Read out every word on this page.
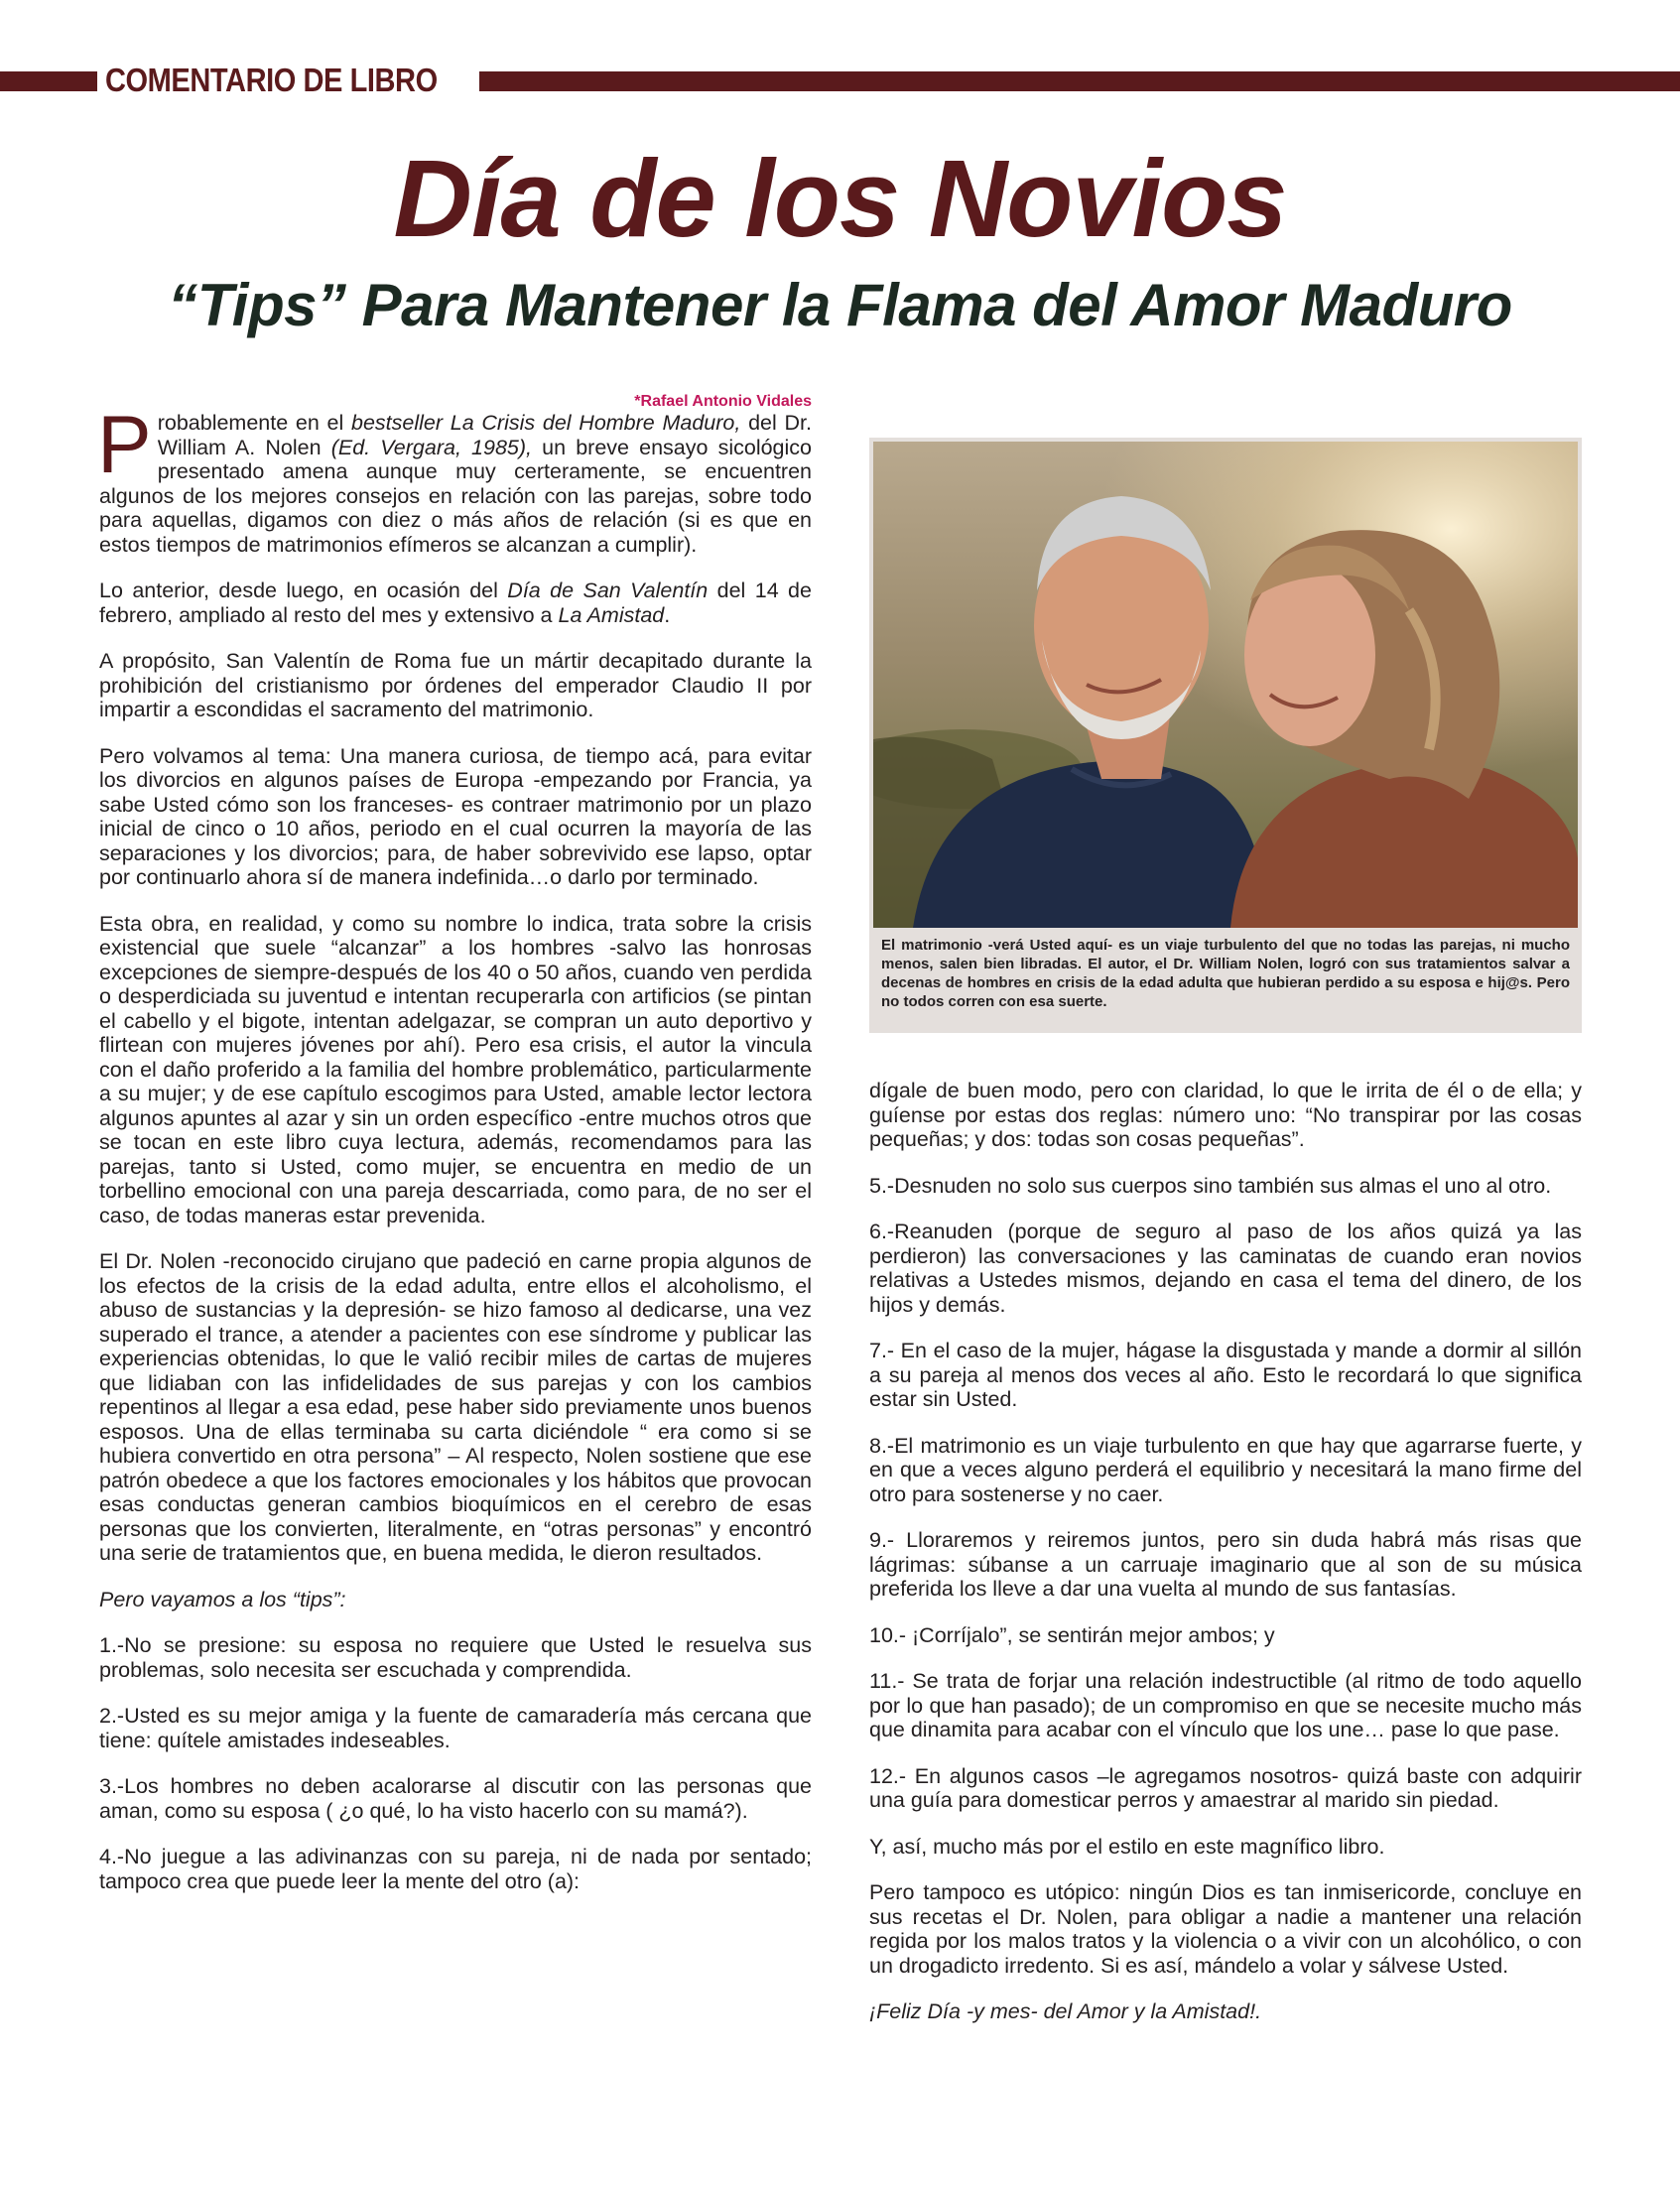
COMENTARIO DE LIBRO
Día de los Novios
“Tips” Para Mantener la Flama del Amor Maduro
*Rafael Antonio Vidales

Probablemente en el bestseller La Crisis del Hombre Maduro, del Dr. William A. Nolen (Ed. Vergara, 1985), un breve ensayo sicológico presentado amena aunque muy certeramente, se encuentren algunos de los mejores consejos en relación con las parejas, sobre todo para aquellas, digamos con diez o más años de relación (si es que en estos tiempos de matrimonios efímeros se alcanzan a cumplir).

Lo anterior, desde luego, en ocasión del Día de San Valentín del 14 de febrero, ampliado al resto del mes y extensivo a La Amistad.

A propósito, San Valentín de Roma fue un mártir decapitado durante la prohibición del cristianismo por órdenes del emperador Claudio II por impartir a escondidas el sacramento del matrimonio.

Pero volvamos al tema: Una manera curiosa, de tiempo acá, para evitar los divorcios en algunos países de Europa -empezando por Francia, ya sabe Usted cómo son los franceses- es contraer matrimonio por un plazo inicial de cinco o 10 años, periodo en el cual ocurren la mayoría de las separaciones y los divorcios; para, de haber sobrevivido ese lapso, optar por continuarlo ahora sí de manera indefinida…o darlo por terminado.

Esta obra, en realidad, y como su nombre lo indica, trata sobre la crisis existencial que suele “alcanzar” a los hombres -salvo las honrosas excepciones de siempre-después de los 40 o 50 años, cuando ven perdida o desperdiciada su juventud e intentan recuperarla con artificios (se pintan el cabello y el bigote, intentan adelgazar, se compran un auto deportivo y flirtean con mujeres jóvenes por ahí). Pero esa crisis, el autor la vincula con el daño proferido a la familia del hombre problemático, particularmente a su mujer; y de ese capítulo escogimos para Usted, amable lector lectora algunos apuntes al azar y sin un orden específico -entre muchos otros que se tocan en este libro cuya lectura, además, recomendamos para las parejas, tanto si Usted, como mujer, se encuentra en medio de un torbellino emocional con una pareja descarriada, como para, de no ser el caso, de todas maneras estar prevenida.

El Dr. Nolen -reconocido cirujano que padeció en carne propia algunos de los efectos de la crisis de la edad adulta, entre ellos el alcoholismo, el abuso de sustancias y la depresión- se hizo famoso al dedicarse, una vez superado el trance, a atender a pacientes con ese síndrome y publicar las experiencias obtenidas, lo que le valió recibir miles de cartas de mujeres que lidiaban con las infidelidades de sus parejas y con los cambios repentinos al llegar a esa edad, pese haber sido previamente unos buenos esposos. Una de ellas terminaba su carta diciéndole “ era como si se hubiera convertido en otra persona” – Al respecto, Nolen sostiene que ese patrón obedece a que los factores emocionales y los hábitos que provocan esas conductas generan cambios bioquímicos en el cerebro de esas personas que los convierten, literalmente, en “otras personas” y encontró una serie de tratamientos que, en buena medida, le dieron resultados.

Pero vayamos a los “tips”:

1.-No se presione: su esposa no requiere que Usted le resuelva sus problemas, solo necesita ser escuchada y comprendida.

2.-Usted es su mejor amiga y la fuente de camaradería más cercana que tiene: quítele amistades indeseables.

3.-Los hombres no deben acalorarse al discutir con las personas que aman, como su esposa ( ¿o qué, lo ha visto hacerlo con su mamá?).

4.-No juegue a las adivinanzas con su pareja, ni de nada por sentado; tampoco crea que puede leer la mente del otro (a):

El matrimonio -verá Usted aquí- es un viaje turbulento del que no todas las parejas, ni mucho menos, salen bien libradas. El autor, el Dr. William Nolen, logró con sus tratamientos salvar a decenas de hombres en crisis de la edad adulta que hubieran perdido a su esposa e hij@s. Pero no todos corren con esa suerte.

dígale de buen modo, pero con claridad, lo que le irrita de él o de ella; y guíense por estas dos reglas: número uno: “No transpirar por las cosas pequeñas; y dos: todas son cosas pequeñas”.

5.-Desnuden no solo sus cuerpos sino también sus almas el uno al otro.

6.-Reanuden (porque de seguro al paso de los años quizá ya las perdieron) las conversaciones y las caminatas de cuando eran novios relativas a Ustedes mismos, dejando en casa el tema del dinero, de los hijos y demás.

7.- En el caso de la mujer, hágase la disgustada y mande a dormir al sillón a su pareja al menos dos veces al año. Esto le recordará lo que significa estar sin Usted.

8.-El matrimonio es un viaje turbulento en que hay que agarrarse fuerte, y en que a veces alguno perderá el equilibrio y necesitará la mano firme del otro para sostenerse y no caer.

9.- Lloraremos y reiremos juntos, pero sin duda habrá más risas que lágrimas: súbanse a un carruaje imaginario que al son de su música preferida los lleve a dar una vuelta al mundo de sus fantasías.

10.- ¡Corríjalo”, se sentirán mejor ambos; y

11.- Se trata de forjar una relación indestructible (al ritmo de todo aquello por lo que han pasado); de un compromiso en que se necesite mucho más que dinamita para acabar con el vínculo que los une… pase lo que pase.

12.- En algunos casos –le agregamos nosotros- quizá baste con adquirir una guía para domesticar perros y amaestrar al marido sin piedad.

Y, así, mucho más por el estilo en este magnífico libro.

Pero tampoco es utópico: ningún Dios es tan inmisericorde, concluye en sus recetas el Dr. Nolen, para obligar a nadie a mantener una relación regida por los malos tratos y la violencia o a vivir con un alcohólico, o con un drogadicto irredento. Si es así, mándelo a volar y sálvese Usted.

¡Feliz Día -y mes- del Amor y la Amistad!.
